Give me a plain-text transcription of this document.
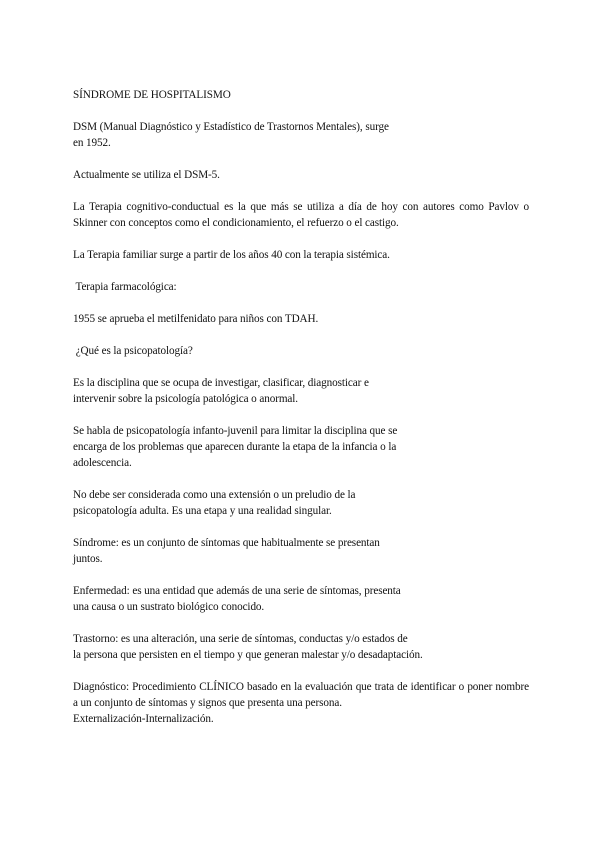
SÍNDROME DE HOSPITALISMO

DSM (Manual Diagnóstico y Estadístico de Trastornos Mentales), surge
en 1952.

Actualmente se utiliza el DSM-5.

La Terapia cognitivo-conductual es la que más se utiliza a día de hoy con autores como Pavlov o Skinner con conceptos como el condicionamiento, el refuerzo o el castigo.

La Terapia familiar surge a partir de los años 40 con la terapia sistémica.

Terapia farmacológica:

1955 se aprueba el metilfenidato para niños con TDAH.

¿Qué es la psicopatología?

Es la disciplina que se ocupa de investigar, clasificar, diagnosticar e
intervenir sobre la psicología patológica o anormal.

Se habla de psicopatología infanto-juvenil para limitar la disciplina que se
encarga de los problemas que aparecen durante la etapa de la infancia o la
adolescencia.

No debe ser considerada como una extensión o un preludio de la
psicopatología adulta. Es una etapa y una realidad singular.

Síndrome: es un conjunto de síntomas que habitualmente se presentan
juntos.

Enfermedad: es una entidad que además de una serie de síntomas, presenta
una causa o un sustrato biológico conocido.

Trastorno: es una alteración, una serie de síntomas, conductas y/o estados de
la persona que persisten en el tiempo y que generan malestar y/o desadaptación.

Diagnóstico: Procedimiento CLÍNICO basado en la evaluación que trata de identificar o poner nombre a un conjunto de síntomas y signos que presenta una persona.
Externalización-Internalización.
